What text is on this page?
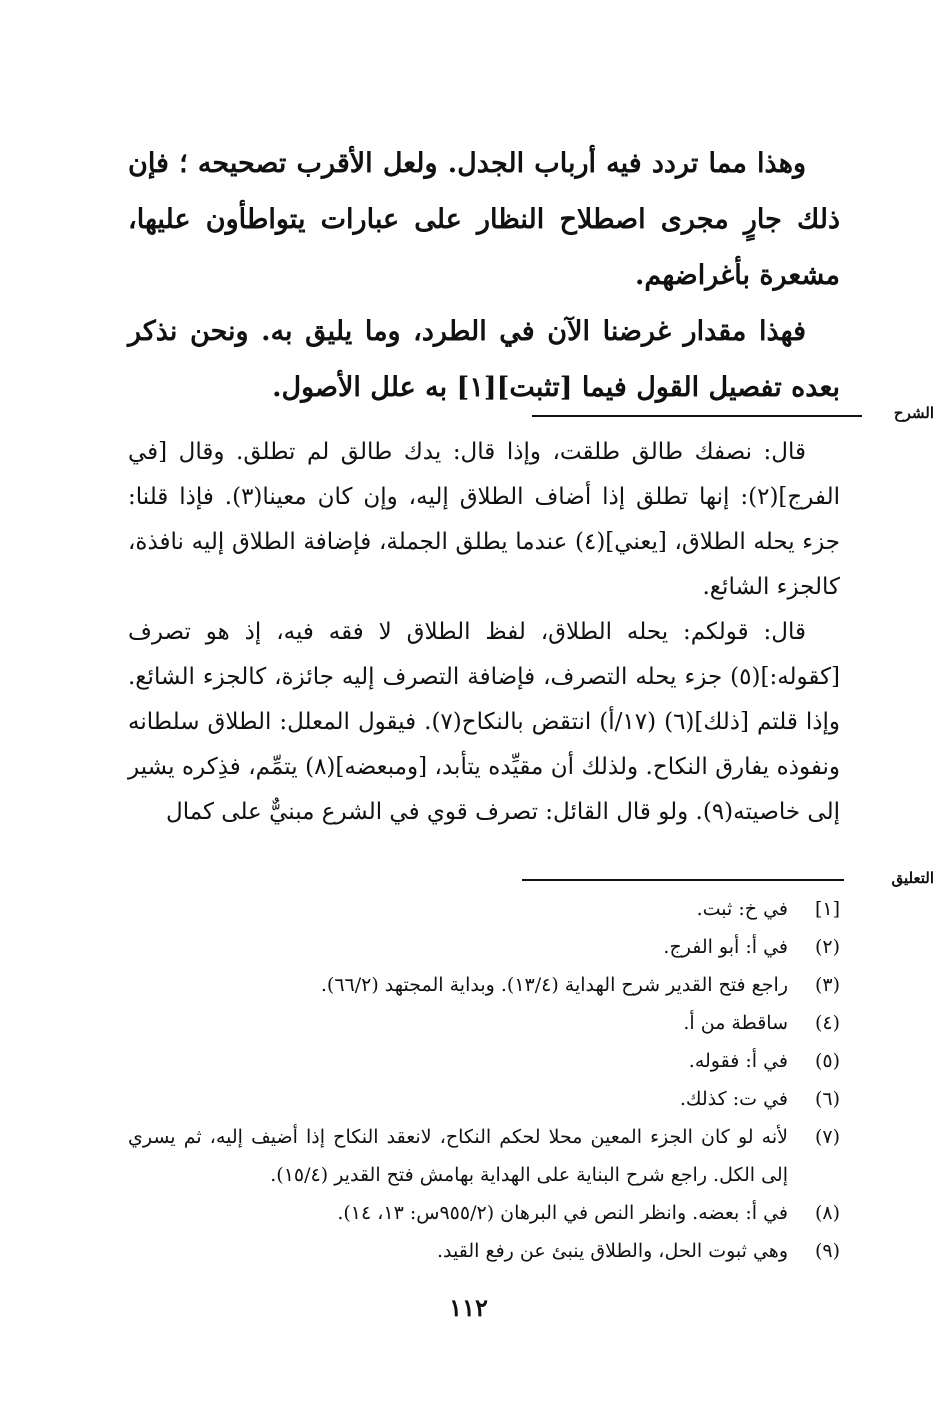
وهذا مما تردد فيه أرباب الجدل. ولعل الأقرب تصحيحه ؛ فإن ذلك جارٍ مجرى اصطلاح النظار على عبارات يتواطأون عليها، مشعرة بأغراضهم.

فهذا مقدار غرضنا الآن في الطرد، وما يليق به. ونحن نذكر بعده تفصيل القول فيما [تثبت][١] به علل الأصول.

الشرح

قال: نصفك طالق طلقت، وإذا قال: يدك طالق لم تطلق. وقال [في الفرج](٢): إنها تطلق إذا أضاف الطلاق إليه، وإن كان معينا(٣). فإذا قلنا: جزء يحله الطلاق، [يعني](٤) عندما يطلق الجملة، فإضافة الطلاق إليه نافذة، كالجزء الشائع.

قال: قولكم: يحله الطلاق، لفظ الطلاق لا فقه فيه، إذ هو تصرف [كقوله:](٥) جزء يحله التصرف، فإضافة التصرف إليه جائزة، كالجزء الشائع. وإذا قلتم [ذلك](٦) (١٧/أ) انتقض بالنكاح(٧). فيقول المعلل: الطلاق سلطانه ونفوذه يفارق النكاح. ولذلك أن مقيِّده يتأبد، [ومبعضه](٨) يتمِّم، فذِكره يشير إلى خاصيته(٩). ولو قال القائل: تصرف قوي في الشرع مبنيٌّ على كمال

التعليق
[١]
في خ: ثبت.
(٢)
في أ: أبو الفرج.
(٣)
راجع فتح القدير شرح الهداية (١٣/٤). وبداية المجتهد (٦٦/٢).
(٤)
ساقطة من أ.
(٥)
في أ: فقوله.
(٦)
في ت: كذلك.
(٧)
لأنه لو كان الجزء المعين محلا لحكم النكاح، لانعقد النكاح إذا أضيف إليه، ثم يسري إلى الكل. راجع شرح البناية على الهداية بهامش فتح القدير (١٥/٤).
(٨)
في أ: بعضه. وانظر النص في البرهان (٩٥٥/٢س: ١٣، ١٤).
(٩)
وهي ثبوت الحل، والطلاق ينبئ عن رفع القيد.
١١٢
